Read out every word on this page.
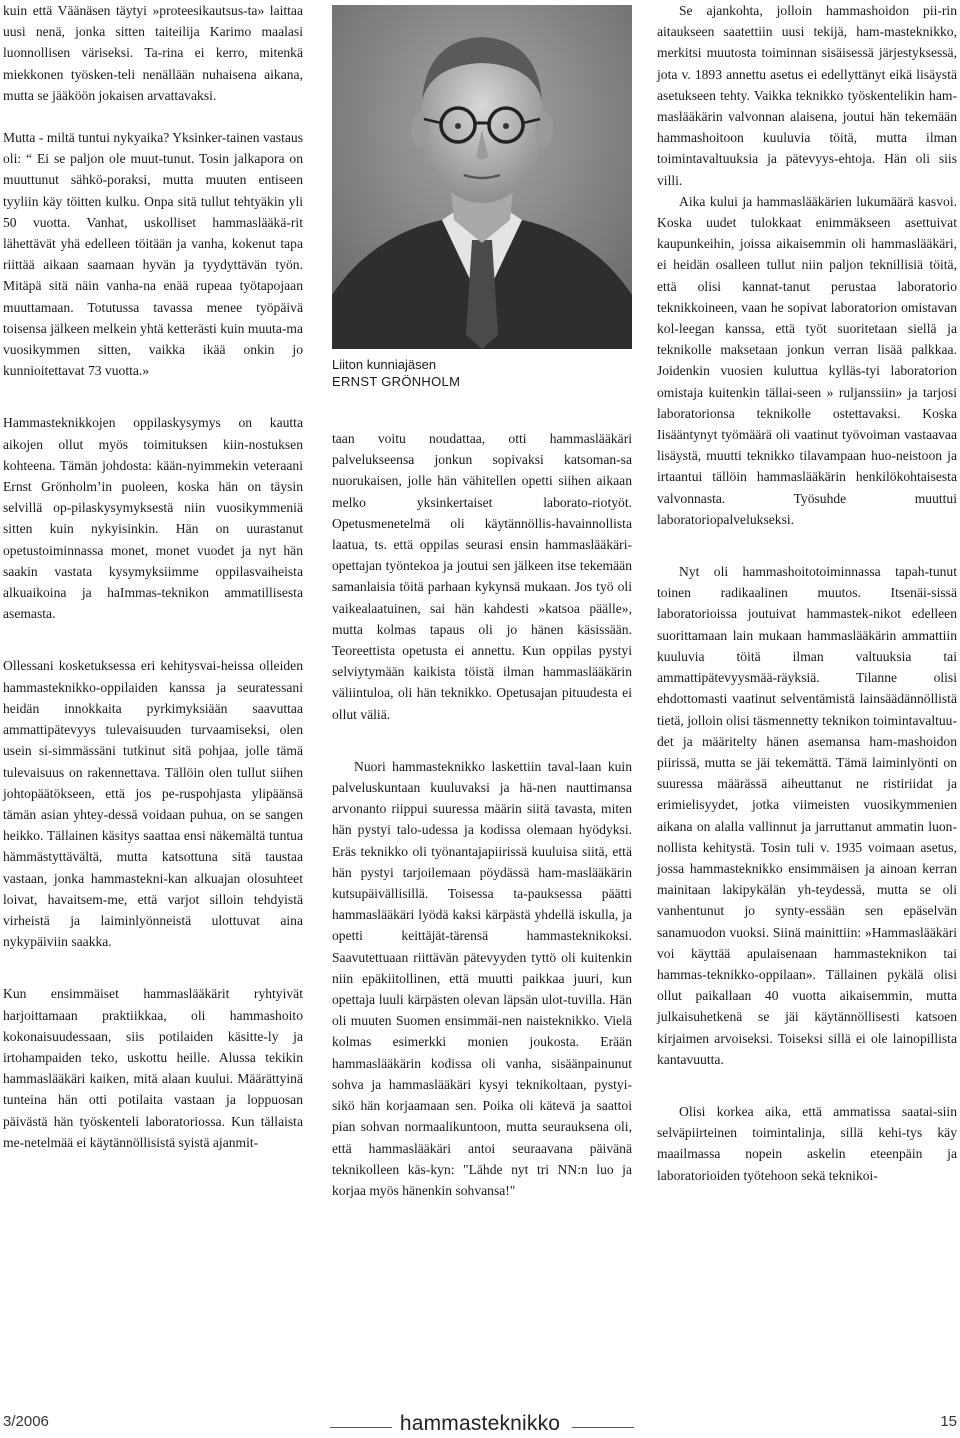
kuin että Väänäsen täytyi »proteesikautsus-ta» laittaa uusi nenä, jonka sitten taiteilija Karimo maalasi luonnollisen väriseksi. Ta-rina ei kerro, mitenkä miekkonen työsken-teli nenällään nuhaisena aikana, mutta se jääköön jokaisen arvattavaksi.

Mutta - miltä tuntui nykyaika? Yksinker-tainen vastaus oli: “ Ei se paljon ole muut-tunut. Tosin jalkapora on muuttunut sähkö-poraksi, mutta muuten entiseen tyyliin käy töitten kulku. Onpa sitä tullut tehtyäkin yli 50 vuotta. Vanhat, uskolliset hammaslääkä-rit lähettävät yhä edelleen töitään ja vanha, kokenut tapa riittää aikaan saamaan hyvän ja tyydyttävän työn. Mitäpä sitä näin vanha-na enää rupeaa työtapojaan muuttamaan. Totutussa tavassa menee työpäivä toisensa jälkeen melkein yhtä ketterästi kuin muuta-ma vuosikymmen sitten, vaikka ikää onkin jo kunnioitettavat 73 vuotta.»

Hammasteknikkojen oppilaskysymys on kautta aikojen ollut myös toimituksen kiin-nostuksen kohteena. Tämän johdosta: kään-nyimmekin veteraani Ernst Grönholm’in puoleen, koska hän on täysin selvillä op-pilaskysymyksestä niin vuosikymmeniä sitten kuin nykyisinkin. Hän on uurastanut opetustoiminnassa monet, monet vuodet ja nyt hän saakin vastata kysymyksiimme oppilasvaiheista alkuaikoina ja haImmas-teknikon ammatillisesta asemasta.

Ollessani kosketuksessa eri kehitysvai-heissa olleiden hammasteknikko-oppilaiden kanssa ja seuratessani heidän innokkaita pyrkimyksiään saavuttaa ammattipätevyys tulevaisuuden turvaamiseksi, olen usein si-simmässäni tutkinut sitä pohjaa, jolle tämä tulevaisuus on rakennettava. Tällöin olen tullut siihen johtopäätökseen, että jos pe-ruspohjasta ylipäänsä tämän asian yhtey-dessä voidaan puhua, on se sangen heikko. Tällainen käsitys saattaa ensi näkemältä tuntua hämmästyttävältä, mutta katsottuna sitä taustaa vastaan, jonka hammastekni-kan alkuajan olosuhteet loivat, havaitsem-me, että varjot silloin tehdyistä virheistä ja laiminlyönneistä ulottuvat aina nykypäiviin saakka.

Kun ensimmäiset hammaslääkärit ryhtyivät harjoittamaan praktiikkaa, oli hammashoito kokonaisuudessaan, siis potilaiden käsitte-ly ja irtohampaiden teko, uskottu heille. Alussa tekikin hammaslääkäri kaiken, mitä alaan kuului. Määrättyinä tunteina hän otti potilaita vastaan ja loppuosan päivästä hän työskenteli laboratoriossa. Kun tällaista me-netelmää ei käytännöllisistä syistä ajanmit-

Liiton kunniajäsen
ERNST GRÖNHOLM

taan voitu noudattaa, otti hammaslääkäri palvelukseensa jonkun sopivaksi katsoman-sa nuorukaisen, jolle hän vähitellen opetti siihen aikaan melko yksinkertaiset laborato-riotyöt. Opetusmenetelmä oli käytännöllis-havainnollista laatua, ts. että oppilas seurasi ensin hammaslääkäri-opettajan työntekoa ja joutui sen jälkeen itse tekemään samanlaisia töitä parhaan kykynsä mukaan. Jos työ oli vaikealaatuinen, sai hän kahdesti »katsoa päälle», mutta kolmas tapaus oli jo hänen käsissään. Teoreettista opetusta ei annettu. Kun oppilas pystyi selviytymään kaikista töistä ilman hammaslääkärin väliintuloa, oli hän teknikko. Opetusajan pituudesta ei ollut väliä.

Nuori hammasteknikko laskettiin taval-laan kuin palveluskuntaan kuuluvaksi ja hä-nen nauttimansa arvonanto riippui suuressa määrin siitä tavasta, miten hän pystyi talo-udessa ja kodissa olemaan hyödyksi. Eräs teknikko oli työnantajapiirissä kuuluisa siitä, että hän pystyi tarjoilemaan pöydässä ham-maslääkärin kutsupäivällisillä. Toisessa ta-pauksessa päätti hammaslääkäri lyödä kaksi kärpästä yhdellä iskulla, ja opetti keittäjät-tärensä hammasteknikoksi. Saavutettuaan riittävän pätevyyden tyttö oli kuitenkin niin epäkiitollinen, että muutti paikkaa juuri, kun opettaja luuli kärpästen olevan läpsän ulot-tuvilla. Hän oli muuten Suomen ensimmäi-nen naisteknikko. Vielä kolmas esimerkki monien joukosta. Erään hammaslääkärin kodissa oli vanha, sisäänpainunut sohva ja hammaslääkäri kysyi teknikoltaan, pystyi-sikö hän korjaamaan sen. Poika oli kätevä ja saattoi pian sohvan normaalikuntoon, mutta seurauksena oli, että hammaslääkäri antoi seuraavana päivänä teknikolleen käs-kyn: "Lähde nyt tri NN:n luo ja korjaa myös hänenkin sohvansa!"

Se ajankohta, jolloin hammashoidon pii-rin aitaukseen saatettiin uusi tekijä, ham-masteknikko, merkitsi muutosta toiminnan sisäisessä järjestyksessä, jota v. 1893 annettu asetus ei edellyttänyt eikä lisäystä asetukseen tehty. Vaikka teknikko työskentelikin ham-maslääkärin valvonnan alaisena, joutui hän tekemään hammashoitoon kuuluvia töitä, mutta ilman toimintavaltuuksia ja pätevyys-ehtoja. Hän oli siis villi.

Aika kului ja hammaslääkärien lukumäärä kasvoi. Koska uudet tulokkaat enimmäkseen asettuivat kaupunkeihin, joissa aikaisemmin oli hammaslääkäri, ei heidän osalleen tullut niin paljon teknillisiä töitä, että olisi kannat-tanut perustaa laboratorio teknikkoineen, vaan he sopivat laboratorion omistavan kol-leegan kanssa, että työt suoritetaan siellä ja teknikolle maksetaan jonkun verran lisää palkkaa. Joidenkin vuosien kuluttua kylläs-tyi laboratorion omistaja kuitenkin tällai-seen » ruljanssiin» ja tarjosi laboratorionsa teknikolle ostettavaksi. Koska Iisääntynyt työmäärä oli vaatinut työvoiman vastaavaa lisäystä, muutti teknikko tilavampaan huo-neistoon ja irtaantui tällöin hammaslääkärin henkilökohtaisesta valvonnasta. Työsuhde muuttui laboratoriopalvelukseksi.

Nyt oli hammashoitotoiminnassa tapah-tunut toinen radikaalinen muutos. Itsenäi-sissä laboratorioissa joutuivat hammastek-nikot edelleen suorittamaan lain mukaan hammaslääkärin ammattiin kuuluvia töitä ilman valtuuksia tai ammattipätevyysmää-räyksiä. Tilanne olisi ehdottomasti vaatinut selventämistä lainsäädännöllistä tietä, jolloin olisi täsmennetty teknikon toimintavaltuu-det ja määritelty hänen asemansa ham-mashoidon piirissä, mutta se jäi tekemättä. Tämä laiminlyönti on suuressa määrässä aiheuttanut ne ristiriidat ja erimielisyydet, jotka viimeisten vuosikymmenien aikana on alalla vallinnut ja jarruttanut ammatin luon-nollista kehitystä. Tosin tuli v. 1935 voimaan asetus, jossa hammasteknikko ensimmäisen ja ainoan kerran mainitaan lakipykälän yh-teydessä, mutta se oli vanhentunut jo synty-essään sen epäselvän sanamuodon vuoksi. Siinä mainittiin: »Hammaslääkäri voi käyttää apulaisenaan hammasteknikon tai hammas-teknikko-oppilaan». Tällainen pykälä olisi ollut paikallaan 40 vuotta aikaisemmin, mutta julkaisuhetkenä se jäi käytännöllisesti katsoen kirjaimen arvoiseksi. Toiseksi sillä ei ole lainopillista kantavuutta.

Olisi korkea aika, että ammatissa saatai-siin selväpiirteinen toimintalinja, sillä kehi-tys käy maailmassa nopein askelin eteenpäin ja laboratorioiden työtehoon sekä teknikoi-

3/2006	hammasteknikko	15
